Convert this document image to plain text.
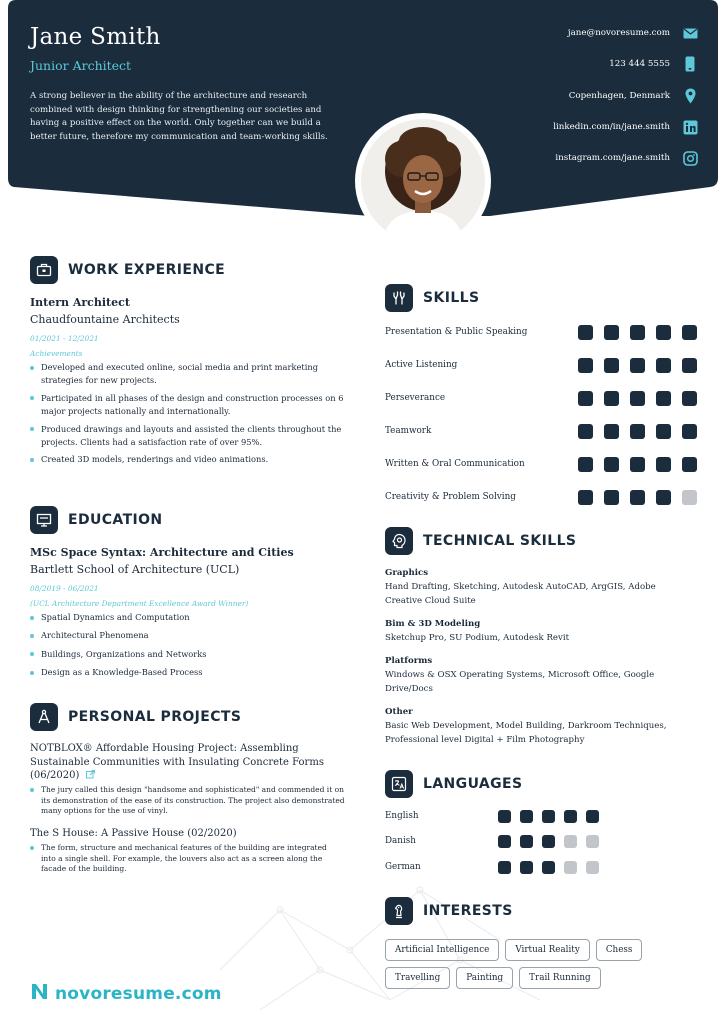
Jane Smith
Junior Architect
A strong believer in the ability of the architecture and research combined with design thinking for strengthening our societies and having a positive effect on the world. Only together can we build a better future, therefore my communication and team-working skills.
jane@novoresume.com
123 444 5555
Copenhagen, Denmark
linkedin.com/in/jane.smith
instagram.com/jane.smith
WORK EXPERIENCE
Intern Architect
Chaudfountaine Architects
01/2021 - 12/2021
Achievements
Developed and executed online, social media and print marketing strategies for new projects.
Participated in all phases of the design and construction processes on 6 major projects nationally and internationally.
Produced drawings and layouts and assisted the clients throughout the projects. Clients had a satisfaction rate of over 95%.
Created 3D models, renderings and video animations.
EDUCATION
MSc Space Syntax: Architecture and Cities
Bartlett School of Architecture (UCL)
08/2019 - 06/2021
(UCL Architecture Department Excellence Award Winner)
Spatial Dynamics and Computation
Architectural Phenomena
Buildings, Organizations and Networks
Design as a Knowledge-Based Process
PERSONAL PROJECTS
NOTBLOX® Affordable Housing Project: Assembling Sustainable Communities with Insulating Concrete Forms (06/2020)
The jury called this design "handsome and sophisticated" and commended it on its demonstration of the ease of its construction. The project also demonstrated many options for the use of vinyl.
The S House: A Passive House (02/2020)
The form, structure and mechanical features of the building are integrated into a single shell. For example, the louvers also act as a screen along the facade of the building.
SKILLS
Presentation & Public Speaking
Active Listening
Perseverance
Teamwork
Written & Oral Communication
Creativity & Problem Solving
TECHNICAL SKILLS
Graphics
Hand Drafting, Sketching, Autodesk AutoCAD, ArgGIS, Adobe Creative Cloud Suite
Bim & 3D Modeling
Sketchup Pro, SU Podium, Autodesk Revit
Platforms
Windows & OSX Operating Systems, Microsoft Office, Google Drive/Docs
Other
Basic Web Development, Model Building, Darkroom Techniques, Professional level Digital + Film Photography
LANGUAGES
English
Danish
German
INTERESTS
Artificial Intelligence	Virtual Reality	Chess
Travelling	Painting	Trail Running
novoresume.com
